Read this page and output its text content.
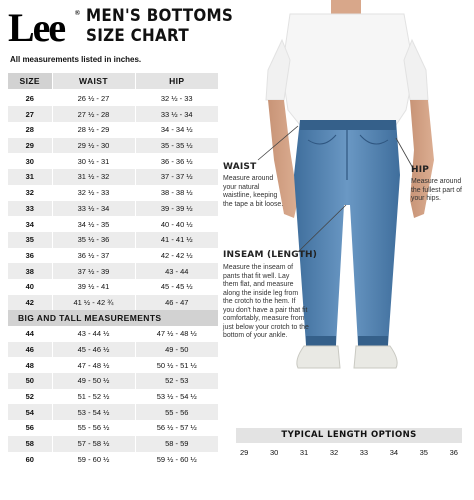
Lee ® MEN'S BOTTOMS
SIZE CHART
All measurements listed in inches.
SIZE	WAIST	HIP
26	26 ½ - 27	32 ½ - 33
27	27 ½ - 28	33 ½ - 34
28	28 ½ - 29	34 - 34 ½
29	29 ½ - 30	35 - 35 ½
30	30 ½ - 31	36 - 36 ½
31	31 ½ - 32	37 - 37 ½
32	32 ½ - 33	38 - 38 ½
33	33 ½ - 34	39 - 39 ½
34	34 ½ - 35	40 - 40 ½
35	35 ½ - 36	41 - 41 ½
36	36 ½ - 37	42 - 42 ½
38	37 ½ - 39	43 - 44
40	39 ½ - 41	45 - 45 ½
42	41 ½ - 42 ¾	46 - 47
BIG AND TALL MEASUREMENTS		
44	43 - 44 ½	47 ½ - 48 ½
46	45 - 46 ½	49 - 50
48	47 - 48 ½	50 ½ - 51 ½
50	49 - 50 ½	52 - 53
52	51 - 52 ½	53 ½ - 54 ½
54	53 - 54 ½	55 - 56
56	55 - 56 ½	56 ½ - 57 ½
58	57 - 58 ½	58 - 59
60	59 - 60 ½	59 ½ - 60 ½
WAIST
Measure around
your natural
waistline, keeping
the tape a bit loose.
HIP
Measure around
the fullest part of
your hips.
INSEAM (LENGTH)
Measure the inseam of
pants that fit well. Lay
them flat, and measure
along the inside leg from
the crotch to the hem. If
you don't have a pair that fit
comfortably, measure from
just below your crotch to the
bottom of your ankle.
TYPICAL LENGTH OPTIONS
29	30	31	32	33	34	35	36
